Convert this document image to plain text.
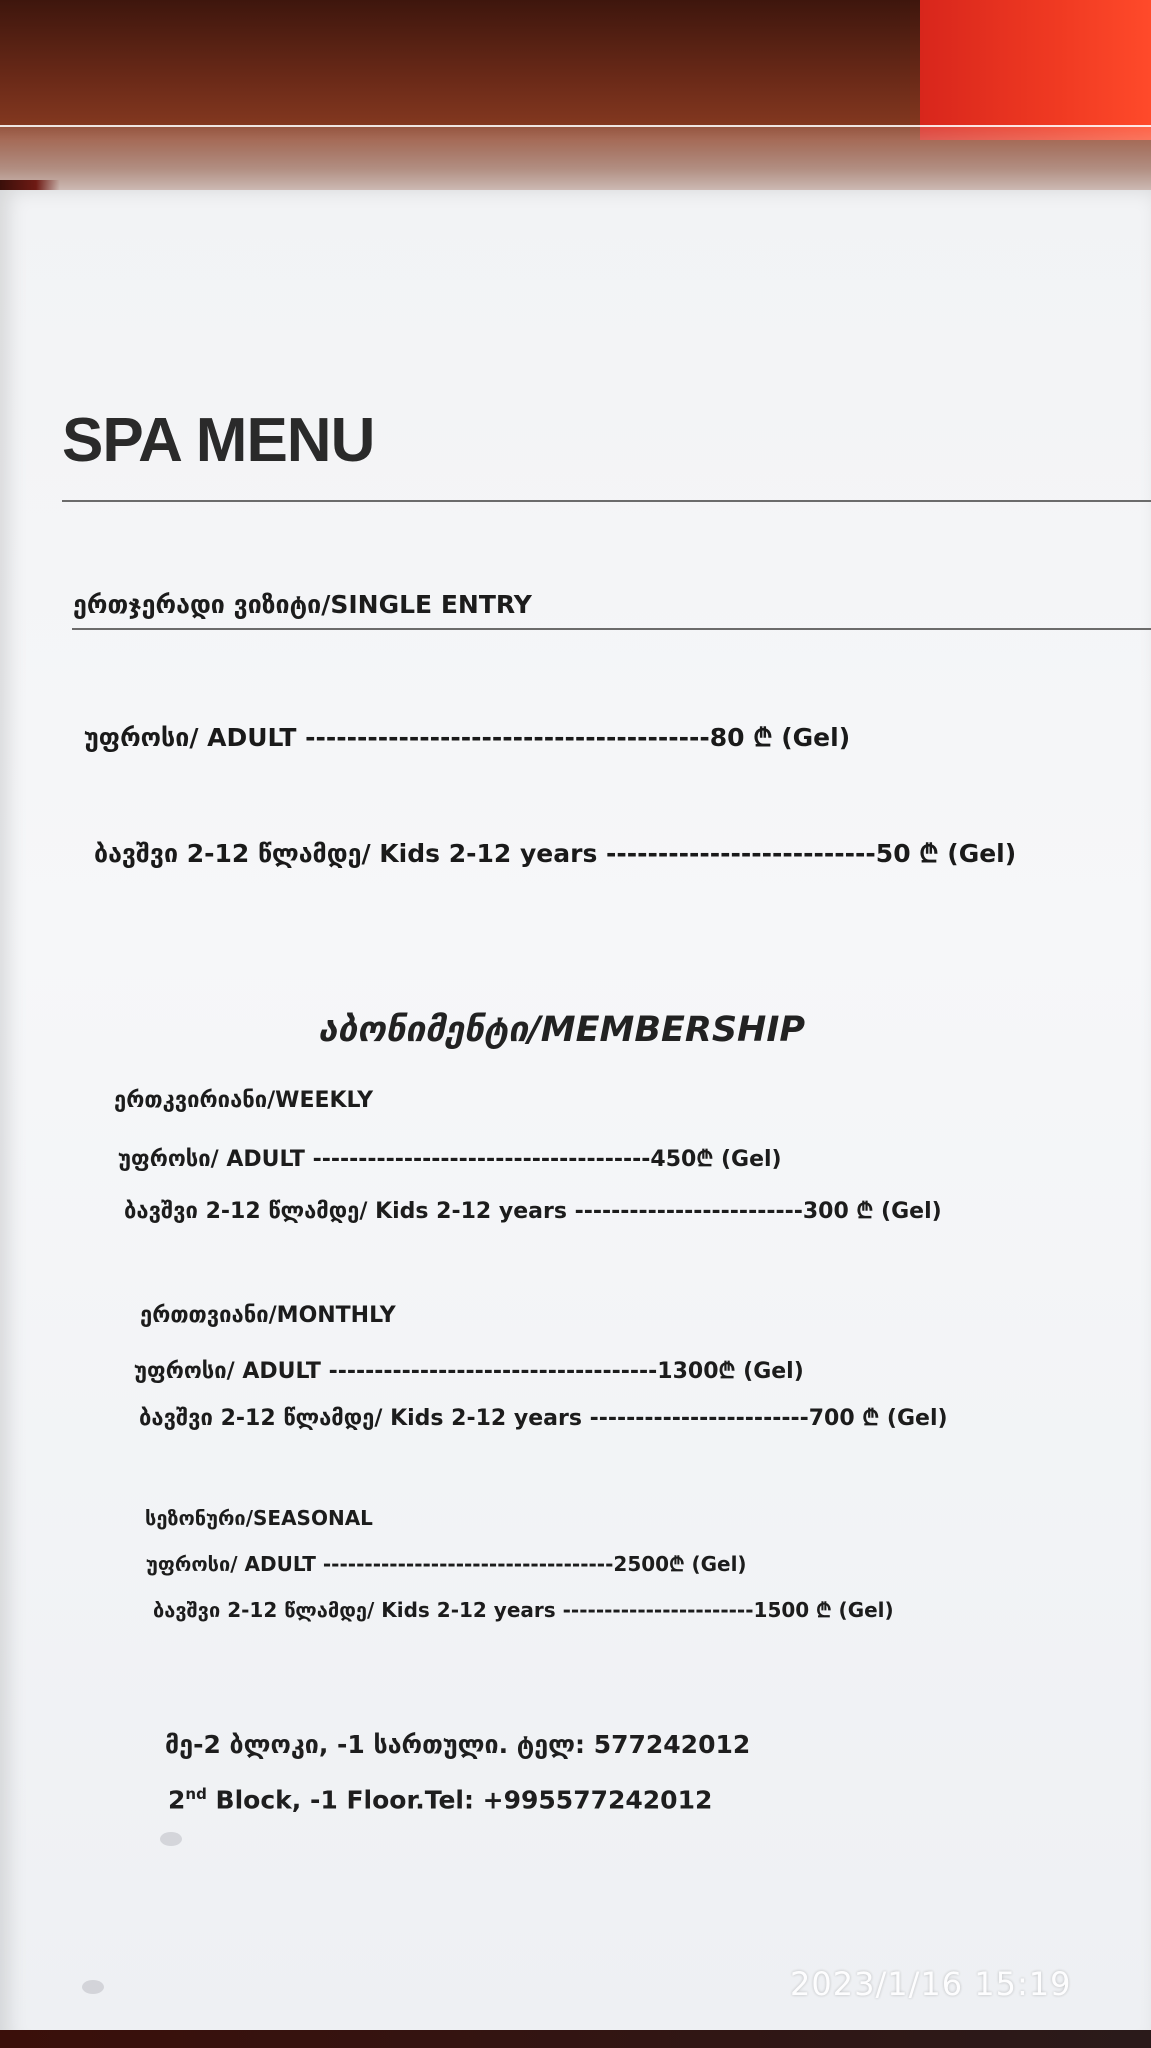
SPA MENU
ერთჯერადი ვიზიტი/SINGLE ENTRY
უფროსი/ ADULT ---------------------------------------80 ₾ (Gel)
ბავშვი 2-12 წლამდე/ Kids 2-12 years --------------------------50 ₾ (Gel)
აბონიმენტი/MEMBERSHIP
ერთკვირიანი/WEEKLY
უფროსი/ ADULT -------------------------------------450₾ (Gel)
ბავშვი 2-12 წლამდე/ Kids 2-12 years -------------------------300 ₾ (Gel)
ერთთვიანი/MONTHLY
უფროსი/ ADULT ------------------------------------1300₾ (Gel)
ბავშვი 2-12 წლამდე/ Kids 2-12 years ------------------------700 ₾ (Gel)
სეზონური/SEASONAL
უფროსი/ ADULT -----------------------------------2500₾ (Gel)
ბავშვი 2-12 წლამდე/ Kids 2-12 years -----------------------1500 ₾ (Gel)
მე-2 ბლოკი, -1 სართული. ტელ: 577242012
2nd Block, -1 Floor.Tel: +995577242012
2023/1/16 15:19
